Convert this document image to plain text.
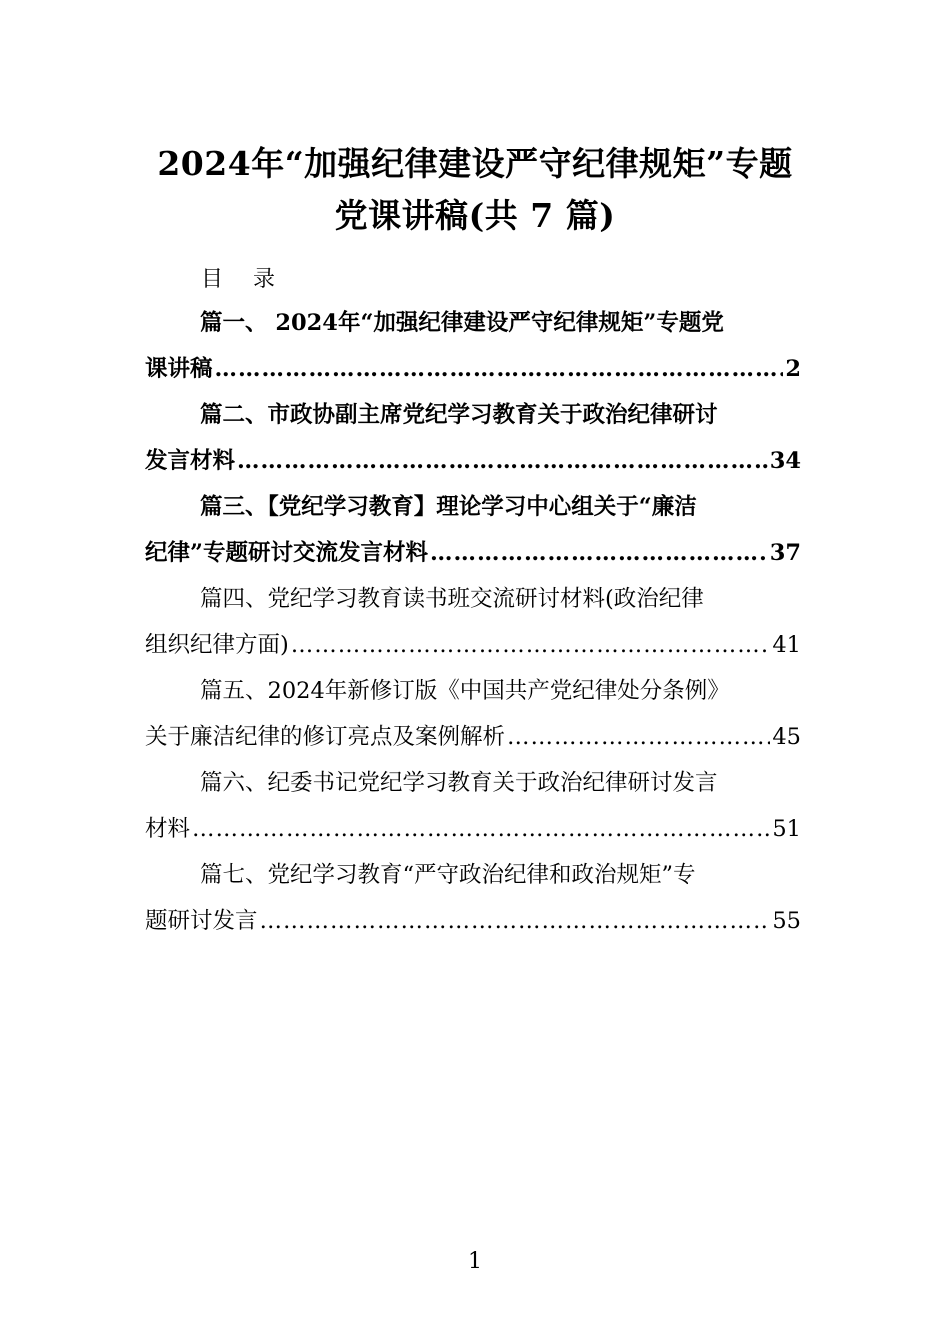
2024年“加强纪律建设严守纪律规矩”专题
党课讲稿(共 7 篇)
目录
篇一、 2024年“加强纪律建设严守纪律规矩”专题党
课讲稿 ………………………………………………………………………………………………………………………………………………………………	2
篇二、市政协副主席党纪学习教育关于政治纪律研讨
发言材料 ………………………………………………………………………………………………………………………………………………………………	34
篇三、【党纪学习教育】理论学习中心组关于“廉洁
纪律”专题研讨交流发言材料 ………………………………………………………………………………………………………………………………………………………………	37
篇四、党纪学习教育读书班交流研讨材料(政治纪律
组织纪律方面) ………………………………………………………………………………………………………………………………………………………………	41
篇五、2024年新修订版《中国共产党纪律处分条例》
关于廉洁纪律的修订亮点及案例解析 ………………………………………………………………………………………………………………………………………………………………	45
篇六、纪委书记党纪学习教育关于政治纪律研讨发言
材料 ………………………………………………………………………………………………………………………………………………………………	51
篇七、党纪学习教育“严守政治纪律和政治规矩”专
题研讨发言 ………………………………………………………………………………………………………………………………………………………………	55
1
